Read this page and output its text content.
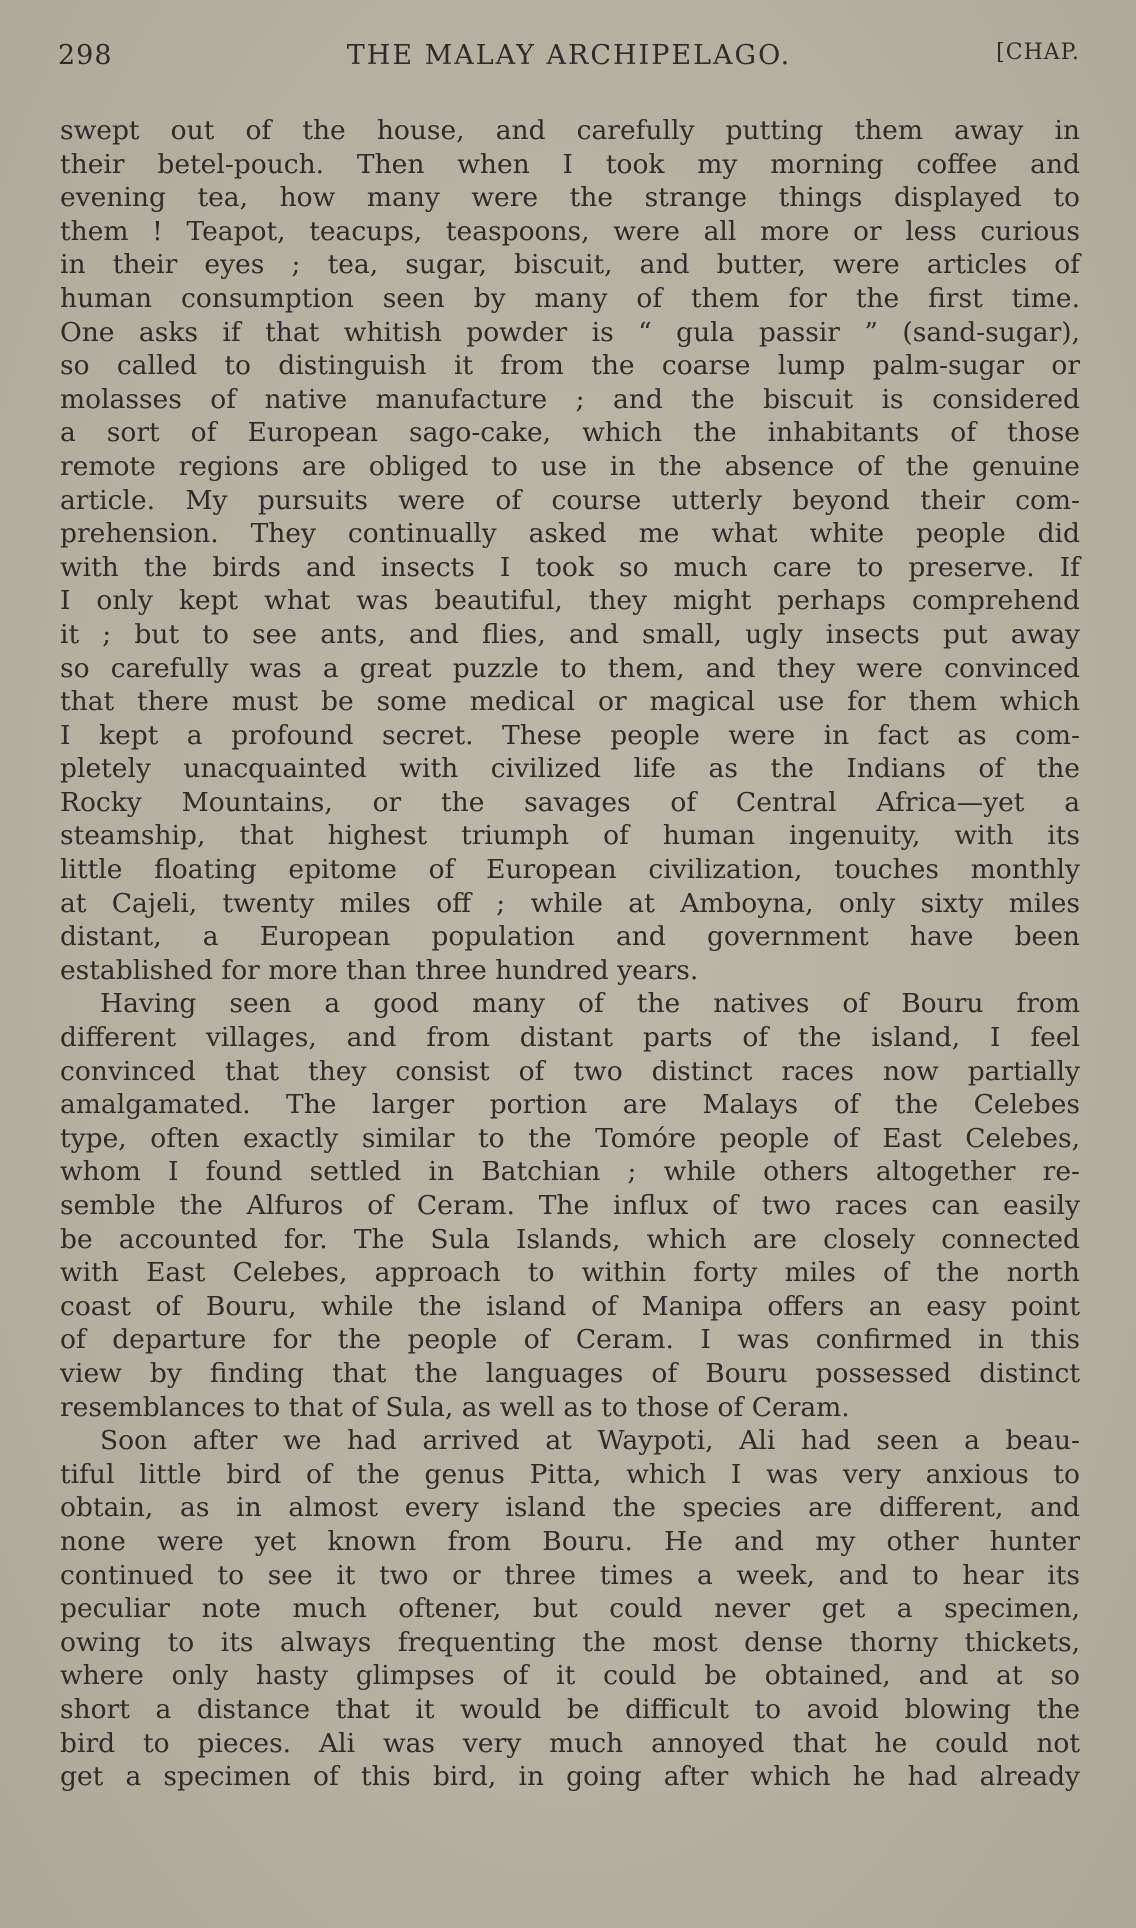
298	THE MALAY ARCHIPELAGO.	[CHAP.
swept out of the house, and carefully putting them away in
their betel-pouch. Then when I took my morning coffee and
evening tea, how many were the strange things displayed to
them ! Teapot, teacups, teaspoons, were all more or less curious
in their eyes ; tea, sugar, biscuit, and butter, were articles of
human consumption seen by many of them for the first time.
One asks if that whitish powder is “ gula passir ” (sand-sugar),
so called to distinguish it from the coarse lump palm-sugar or
molasses of native manufacture ; and the biscuit is considered
a sort of European sago-cake, which the inhabitants of those
remote regions are obliged to use in the absence of the genuine
article. My pursuits were of course utterly beyond their com-
prehension. They continually asked me what white people did
with the birds and insects I took so much care to preserve. If
I only kept what was beautiful, they might perhaps comprehend
it ; but to see ants, and flies, and small, ugly insects put away
so carefully was a great puzzle to them, and they were convinced
that there must be some medical or magical use for them which
I kept a profound secret. These people were in fact as com-
pletely unacquainted with civilized life as the Indians of the
Rocky Mountains, or the savages of Central Africa—yet a
steamship, that highest triumph of human ingenuity, with its
little floating epitome of European civilization, touches monthly
at Cajeli, twenty miles off ; while at Amboyna, only sixty miles
distant, a European population and government have been
established for more than three hundred years.
Having seen a good many of the natives of Bouru from
different villages, and from distant parts of the island, I feel
convinced that they consist of two distinct races now partially
amalgamated. The larger portion are Malays of the Celebes
type, often exactly similar to the Tomóre people of East Celebes,
whom I found settled in Batchian ; while others altogether re-
semble the Alfuros of Ceram. The influx of two races can easily
be accounted for. The Sula Islands, which are closely connected
with East Celebes, approach to within forty miles of the north
coast of Bouru, while the island of Manipa offers an easy point
of departure for the people of Ceram. I was confirmed in this
view by finding that the languages of Bouru possessed distinct
resemblances to that of Sula, as well as to those of Ceram.
Soon after we had arrived at Waypoti, Ali had seen a beau-
tiful little bird of the genus Pitta, which I was very anxious to
obtain, as in almost every island the species are different, and
none were yet known from Bouru. He and my other hunter
continued to see it two or three times a week, and to hear its
peculiar note much oftener, but could never get a specimen,
owing to its always frequenting the most dense thorny thickets,
where only hasty glimpses of it could be obtained, and at so
short a distance that it would be difficult to avoid blowing the
bird to pieces. Ali was very much annoyed that he could not
get a specimen of this bird, in going after which he had already
